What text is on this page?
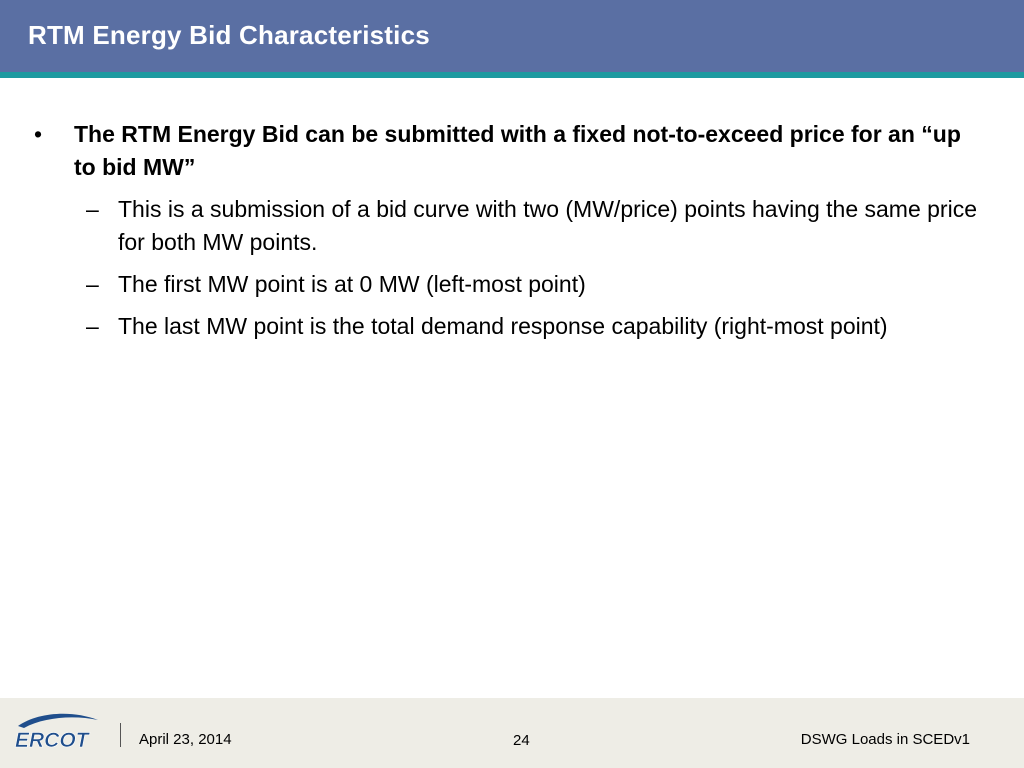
RTM Energy Bid Characteristics
• The RTM Energy Bid can be submitted with a fixed not-to-exceed price for an “up to bid MW”
– This is a submission of a bid curve with two (MW/price) points having the same price for both MW points.
– The first MW point is at 0 MW (left-most point)
– The last MW point is the total demand response capability (right-most point)
ERCOT	April 23, 2014	24	DSWG Loads in SCEDv1
